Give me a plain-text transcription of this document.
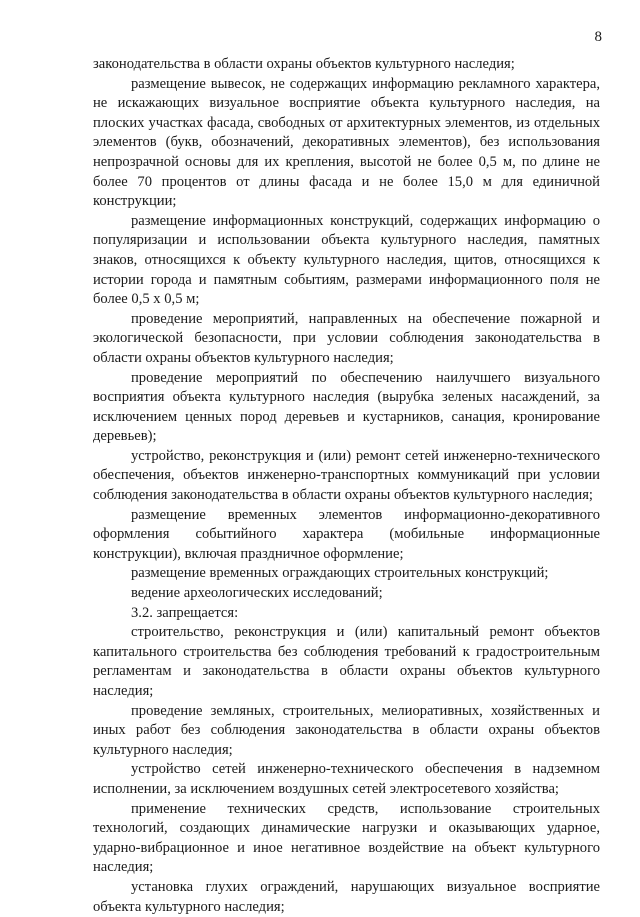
8

законодательства в области охраны объектов культурного наследия;

размещение вывесок, не содержащих информацию рекламного характера, не искажающих визуальное восприятие объекта культурного наследия, на плоских участках фасада, свободных от архитектурных элементов, из отдельных элементов (букв, обозначений, декоративных элементов), без использования непрозрачной основы для их крепления, высотой не более 0,5 м, по длине не более 70 процентов от длины фасада и не более 15,0 м для единичной конструкции;

размещение информационных конструкций, содержащих информацию о популяризации и использовании объекта культурного наследия, памятных знаков, относящихся к объекту культурного наследия, щитов, относящихся к истории города и памятным событиям, размерами информационного поля не более 0,5 х 0,5 м;

проведение мероприятий, направленных на обеспечение пожарной и экологической безопасности, при условии соблюдения законодательства в области охраны объектов культурного наследия;

проведение мероприятий по обеспечению наилучшего визуального восприятия объекта культурного наследия (вырубка зеленых насаждений, за исключением ценных пород деревьев и кустарников, санация, кронирование деревьев);

устройство, реконструкция и (или) ремонт сетей инженерно-технического обеспечения, объектов инженерно-транспортных коммуникаций при условии соблюдения законодательства в области охраны объектов культурного наследия;

размещение временных элементов информационно-декоративного оформления событийного характера (мобильные информационные конструкции), включая праздничное оформление;

размещение временных ограждающих строительных конструкций;

ведение археологических исследований;

3.2. запрещается:

строительство, реконструкция и (или) капитальный ремонт объектов капитального строительства без соблюдения требований к градостроительным регламентам и законодательства в области охраны объектов культурного наследия;

проведение земляных, строительных, мелиоративных, хозяйственных и иных работ без соблюдения законодательства в области охраны объектов культурного наследия;

устройство сетей инженерно-технического обеспечения в надземном исполнении, за исключением воздушных сетей электросетевого хозяйства;

применение технических средств, использование строительных технологий, создающих динамические нагрузки и оказывающих ударное, ударно-вибрационное и иное негативное воздействие на объект культурного наследия;

установка глухих ограждений, нарушающих визуальное восприятие объекта культурного наследия;
